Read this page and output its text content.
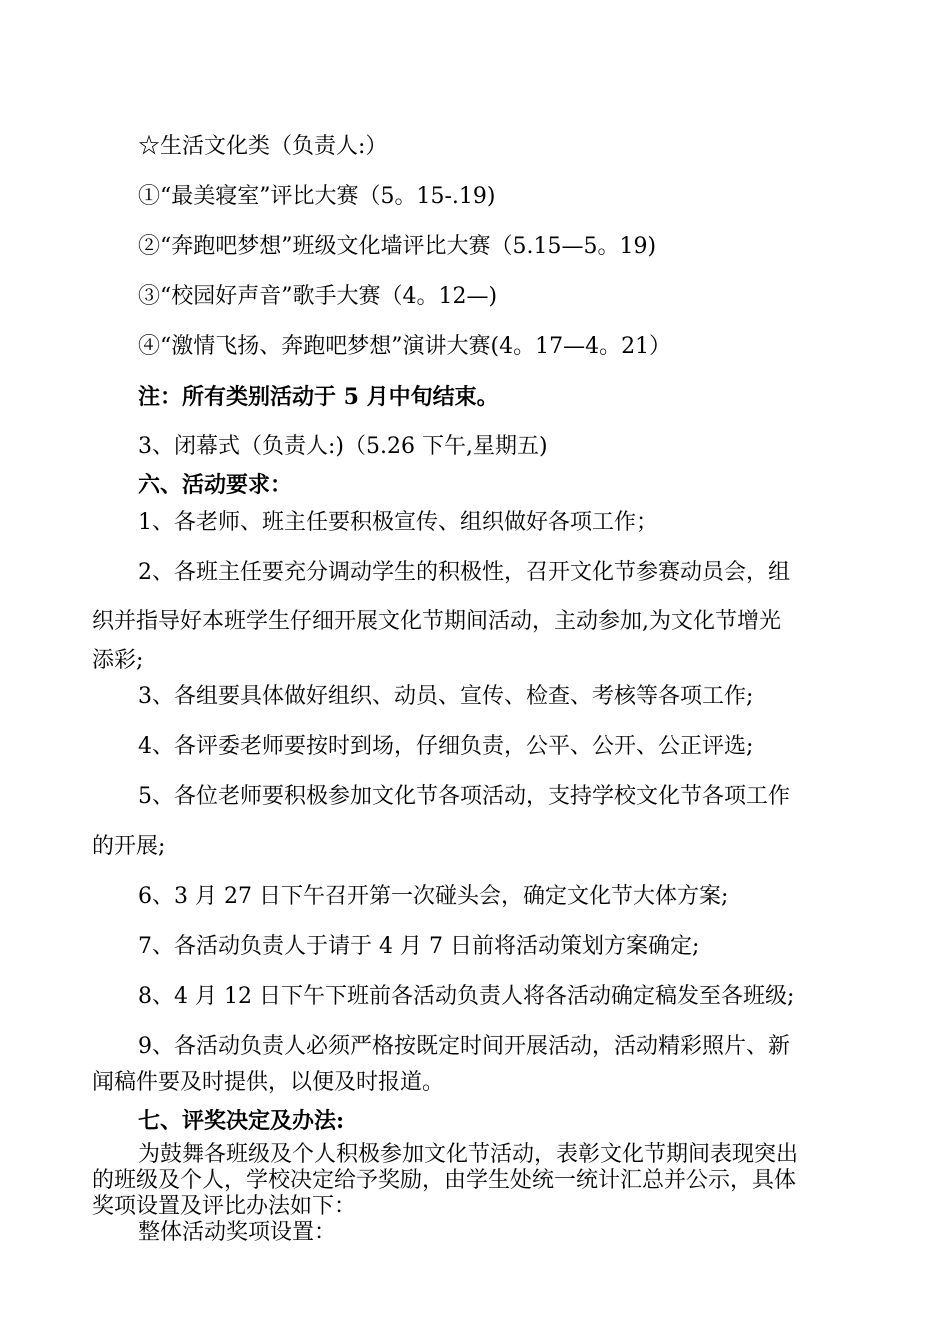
☆生活文化类（负责人:）
①“最美寝室”评比大赛（5。15-.19)
②“奔跑吧梦想”班级文化墙评比大赛（5.15—5。19)
③“校园好声音”歌手大赛（4。12—)
④“激情飞扬、奔跑吧梦想”演讲大赛(4。17—4。21）
注：所有类别活动于 5 月中旬结束。
3、闭幕式（负责人:)（5.26 下午,星期五)
六、活动要求：
1、各老师、班主任要积极宣传、组织做好各项工作；
2、各班主任要充分调动学生的积极性，召开文化节参赛动员会，组
织并指导好本班学生仔细开展文化节期间活动，主动参加,为文化节增光
添彩;
3、各组要具体做好组织、动员、宣传、检查、考核等各项工作;
4、各评委老师要按时到场，仔细负责，公平、公开、公正评选;
5、各位老师要积极参加文化节各项活动，支持学校文化节各项工作
的开展;
6、3 月 27 日下午召开第一次碰头会，确定文化节大体方案;
7、各活动负责人于请于 4 月 7 日前将活动策划方案确定;
8、4 月 12 日下午下班前各活动负责人将各活动确定稿发至各班级;
9、各活动负责人必须严格按既定时间开展活动，活动精彩照片、新
闻稿件要及时提供，以便及时报道。
七、评奖决定及办法:
为鼓舞各班级及个人积极参加文化节活动，表彰文化节期间表现突出
的班级及个人，学校决定给予奖励，由学生处统一统计汇总并公示，具体
奖项设置及评比办法如下：
整体活动奖项设置：
